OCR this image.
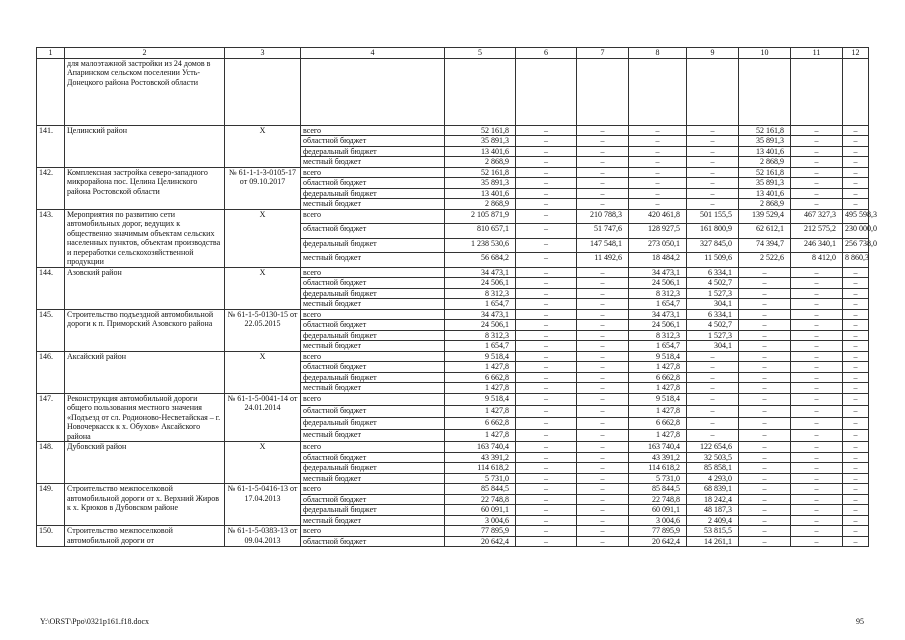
1	2	3	4	5	6	7	8	9	10	11	12
	для малоэтажной застройки из 24 домов в Апаринском сельском поселении Усть-Донецкого района Ростовской области										
141.	Целинский район	Х	всего	52 161,8	–	–	–	–	52 161,8	–	–
			областной бюджет	35 891,3	–	–	–	–	35 891,3	–	–
			федеральный бюджет	13 401,6	–	–	–	–	13 401,6	–	–
			местный бюджет	2 868,9	–	–	–	–	2 868,9	–	–
142.	Комплексная застройка северо-западного микрорайона пос. Целина Целинского района Ростовской области	№ 61-1-1-3-0105-17 от 09.10.2017	всего	52 161,8	–	–	–	–	52 161,8	–	–
			областной бюджет	35 891,3	–	–	–	–	35 891,3	–	–
			федеральный бюджет	13 401,6	–	–	–	–	13 401,6	–	–
			местный бюджет	2 868,9	–	–	–	–	2 868,9	–	–
143.	Мероприятия по развитию сети автомобильных дорог, ведущих к общественно значимым объектам сельских населенных пунктов, объектам производства и переработки сельскохозяйственной продукции	Х	всего	2 105 871,9	–	210 788,3	420 461,8	501 155,5	139 529,4	467 327,3	495 598,3
			областной бюджет	810 657,1	–	51 747,6	128 927,5	161 800,9	62 612,1	212 575,2	230 000,0
			федеральный бюджет	1 238 530,6	–	147 548,1	273 050,1	327 845,0	74 394,7	246 340,1	256 738,0
			местный бюджет	56 684,2	–	11 492,6	18 484,2	11 509,6	2 522,6	8 412,0	8 860,3
144.	Азовский район	Х	всего	34 473,1	–	–	34 473,1	6 334,1	–	–	–
			областной бюджет	24 506,1	–	–	24 506,1	4 502,7	–	–	–
			федеральный бюджет	8 312,3	–	–	8 312,3	1 527,3	–	–	–
			местный бюджет	1 654,7	–	–	1 654,7	304,1	–	–	–
145.	Строительство подъездной автомобильной дороги к п. Приморский Азовского района	№ 61-1-5-0130-15 от 22.05.2015	всего	34 473,1	–	–	34 473,1	6 334,1	–	–	–
			областной бюджет	24 506,1	–	–	24 506,1	4 502,7	–	–	–
			федеральный бюджет	8 312,3	–	–	8 312,3	1 527,3	–	–	–
			местный бюджет	1 654,7	–	–	1 654,7	304,1	–	–	–
146.	Аксайский район	Х	всего	9 518,4	–	–	9 518,4	–	–	–	–
			областной бюджет	1 427,8	–	–	1 427,8	–	–	–	–
			федеральный бюджет	6 662,8	–	–	6 662,8	–	–	–	–
			местный бюджет	1 427,8	–	–	1 427,8	–	–	–	–
147.	Реконструкция автомобильной дороги общего пользования местного значения «Подъезд от сл. Родионово-Несветайская – г. Новочеркасск к х. Обухов» Аксайского района	№ 61-1-5-0041-14 от 24.01.2014	всего	9 518,4	–	–	9 518,4	–	–	–	–
			областной бюджет	1 427,8	–	–	1 427,8	–	–	–	–
			федеральный бюджет	6 662,8	–	–	6 662,8	–	–	–	–
			местный бюджет	1 427,8	–	–	1 427,8	–	–	–	–
148.	Дубовский район	Х	всего	163 740,4	–	–	163 740,4	122 654,6	–	–	–
			областной бюджет	43 391,2	–	–	43 391,2	32 503,5	–	–	–
			федеральный бюджет	114 618,2	–	–	114 618,2	85 858,1	–	–	–
			местный бюджет	5 731,0	–	–	5 731,0	4 293,0	–	–	–
149.	Строительство межпоселковой автомобильной дороги от х. Верхний Жиров к х. Крюков в Дубовском районе	№ 61-1-5-0416-13 от 17.04.2013	всего	85 844,5	–	–	85 844,5	68 839,1	–	–	–
			областной бюджет	22 748,8	–	–	22 748,8	18 242,4	–	–	–
			федеральный бюджет	60 091,1	–	–	60 091,1	48 187,3	–	–	–
			местный бюджет	3 004,6	–	–	3 004,6	2 409,4	–	–	–
150.	Строительство межпоселковой автомобильной дороги от	№ 61-1-5-0383-13 от 09.04.2013	всего	77 895,9	–	–	77 895,9	53 815,5	–	–	–
			областной бюджет	20 642,4	–	–	20 642,4	14 261,1	–	–	–
Y:\ORST\Ppo\0321p161.f18.docx	95
